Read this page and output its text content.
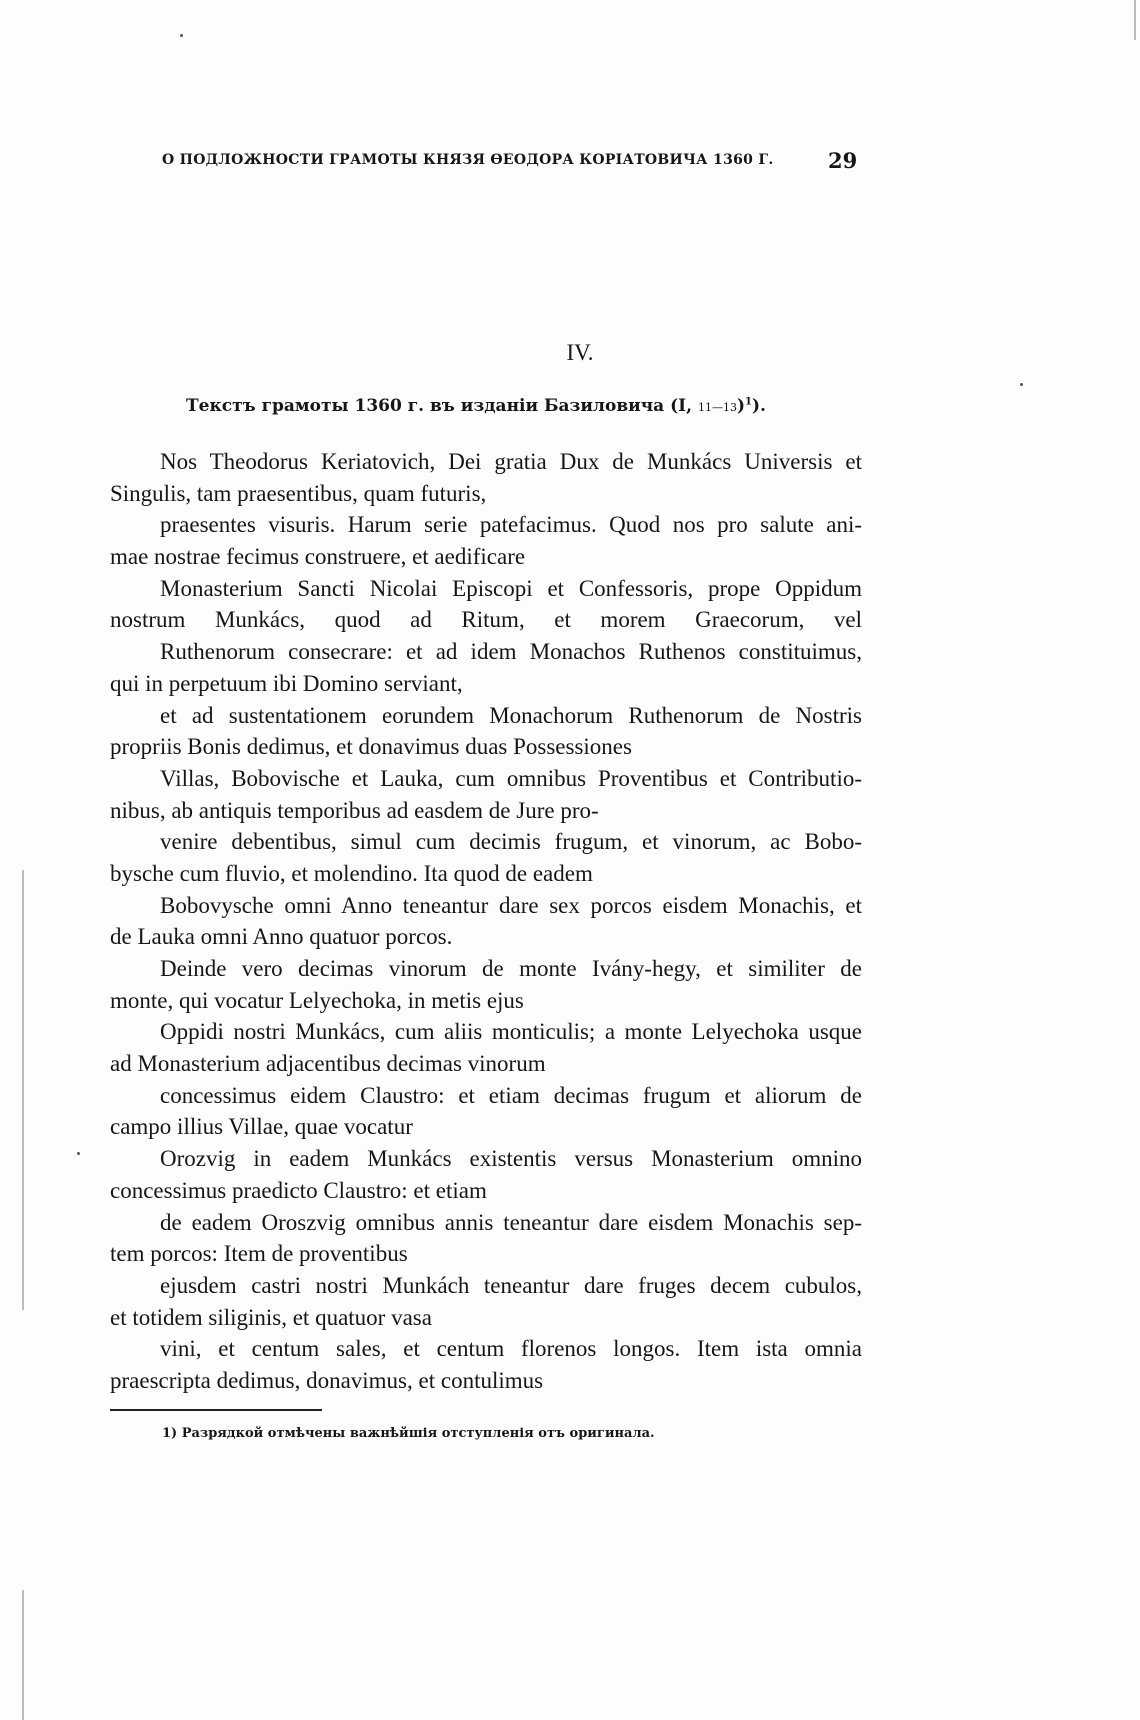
О ПОДЛОЖНОСТИ ГРАМОТЫ КНЯЗЯ ӨЕОДОРА КОРІАТОВИЧА 1360 Г.	29
IV.
Текстъ грамоты 1360 г. въ изданіи Базиловича (I, 11—13)$^1$).
Nos Theodorus Keriatovich, Dei gratia Dux de Munkács Universis et
Singulis, tam praesentibus, quam futuris,
praesentes visuris. Harum serie patefacimus. Quod nos pro salute ani-
mae nostrae fecimus construere, et aedificare
Monasterium Sancti Nicolai Episcopi et Confessoris, prope Oppidum
nostrum Munkács, quod ad Ritum, et morem Graecorum, vel
Ruthenorum consecrare: et ad idem Monachos Ruthenos constituimus,
qui in perpetuum ibi Domino serviant,
et ad sustentationem eorundem Monachorum Ruthenorum de Nostris
propriis Bonis dedimus, et donavimus duas Possessiones
Villas, Bobovische et Lauka, cum omnibus Proventibus et Contributio-
nibus, ab antiquis temporibus ad easdem de Jure pro-
venire debentibus, simul cum decimis frugum, et vinorum, ac Bobo-
bysche cum fluvio, et molendino. Ita quod de eadem
Bobovysche omni Anno teneantur dare sex porcos eisdem Monachis, et
de Lauka omni Anno quatuor porcos.
Deinde vero decimas vinorum de monte Ivány-hegy, et similiter de
monte, qui vocatur Lelyechoka, in metis ejus
Oppidi nostri Munkács, cum aliis monticulis; a monte Lelyechoka usque
ad Monasterium adjacentibus decimas vinorum
concessimus eidem Claustro: et etiam decimas frugum et aliorum de
campo illius Villae, quae vocatur
Orozvig in eadem Munkács existentis versus Monasterium omnino
concessimus praedicto Claustro: et etiam
de eadem Oroszvig omnibus annis teneantur dare eisdem Monachis sep-
tem porcos: Item de proventibus
ejusdem castri nostri Munkách teneantur dare fruges decem cubulos,
et totidem siliginis, et quatuor vasa
vini, et centum sales, et centum florenos longos. Item ista omnia
praescripta dedimus, donavimus, et contulimus
1) Разрядкой отмѣчены важнѣйшія отступленія отъ оригинала.
